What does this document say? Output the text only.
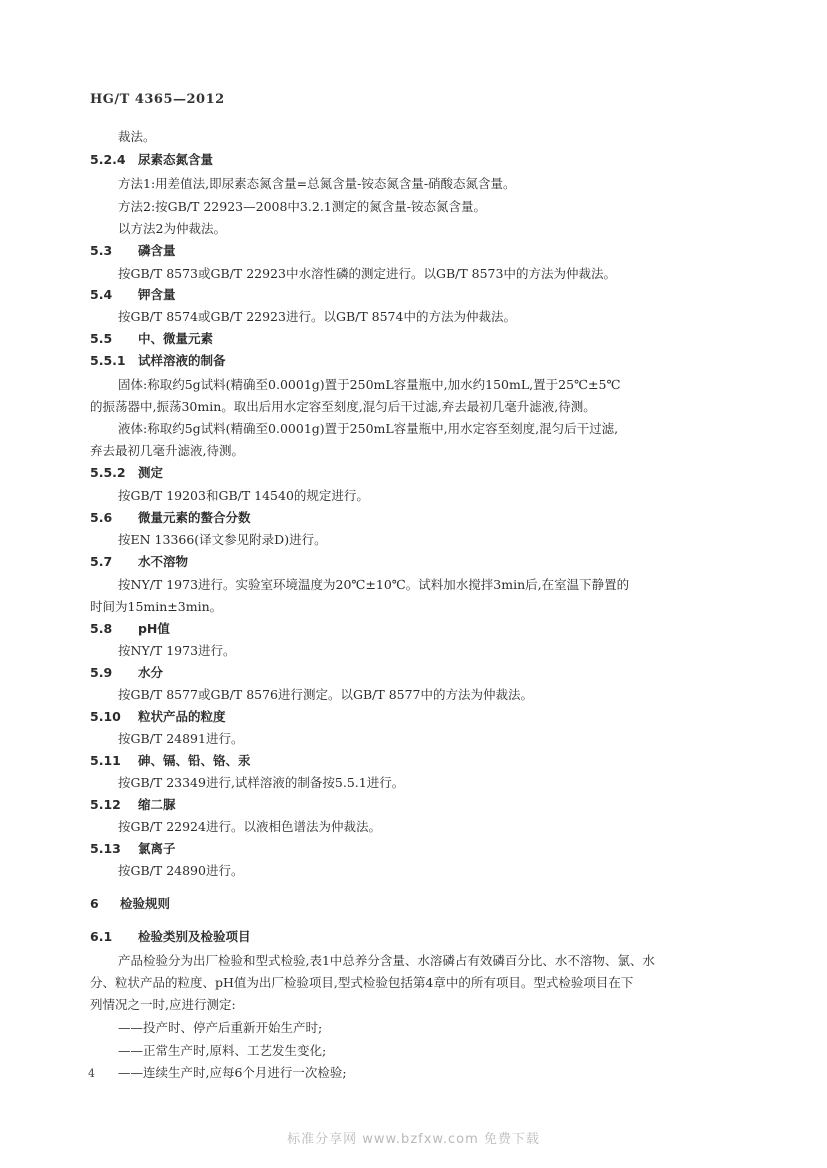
HG/T 4365—2012
裁法。
5.2.4 尿素态氮含量
方法1:用差值法,即尿素态氮含量=总氮含量-铵态氮含量-硝酸态氮含量。
方法2:按GB/T 22923—2008中3.2.1测定的氮含量-铵态氮含量。
以方法2为仲裁法。
5.3 磷含量
按GB/T 8573或GB/T 22923中水溶性磷的测定进行。以GB/T 8573中的方法为仲裁法。
5.4 钾含量
按GB/T 8574或GB/T 22923进行。以GB/T 8574中的方法为仲裁法。
5.5 中、微量元素
5.5.1 试样溶液的制备
固体:称取约5g试料(精确至0.0001g)置于250mL容量瓶中,加水约150mL,置于25℃±5℃
的振荡器中,振荡30min。取出后用水定容至刻度,混匀后干过滤,弃去最初几毫升滤液,待测。
液体:称取约5g试料(精确至0.0001g)置于250mL容量瓶中,用水定容至刻度,混匀后干过滤,
弃去最初几毫升滤液,待测。
5.5.2 测定
按GB/T 19203和GB/T 14540的规定进行。
5.6 微量元素的螯合分数
按EN 13366(译文参见附录D)进行。
5.7 水不溶物
按NY/T 1973进行。实验室环境温度为20℃±10℃。试料加水搅拌3min后,在室温下静置的
时间为15min±3min。
5.8 pH值
按NY/T 1973进行。
5.9 水分
按GB/T 8577或GB/T 8576进行测定。以GB/T 8577中的方法为仲裁法。
5.10 粒状产品的粒度
按GB/T 24891进行。
5.11 砷、镉、铅、铬、汞
按GB/T 23349进行,试样溶液的制备按5.5.1进行。
5.12 缩二脲
按GB/T 22924进行。以液相色谱法为仲裁法。
5.13 氯离子
按GB/T 24890进行。
6 检验规则
6.1 检验类别及检验项目
产品检验分为出厂检验和型式检验,表1中总养分含量、水溶磷占有效磷百分比、水不溶物、氯、水
分、粒状产品的粒度、pH值为出厂检验项目,型式检验包括第4章中的所有项目。型式检验项目在下
列情况之一时,应进行测定:
——投产时、停产后重新开始生产时;
——正常生产时,原料、工艺发生变化;
——连续生产时,应每6个月进行一次检验;
4
标准分享网 www.bzfxw.com 免费下载
